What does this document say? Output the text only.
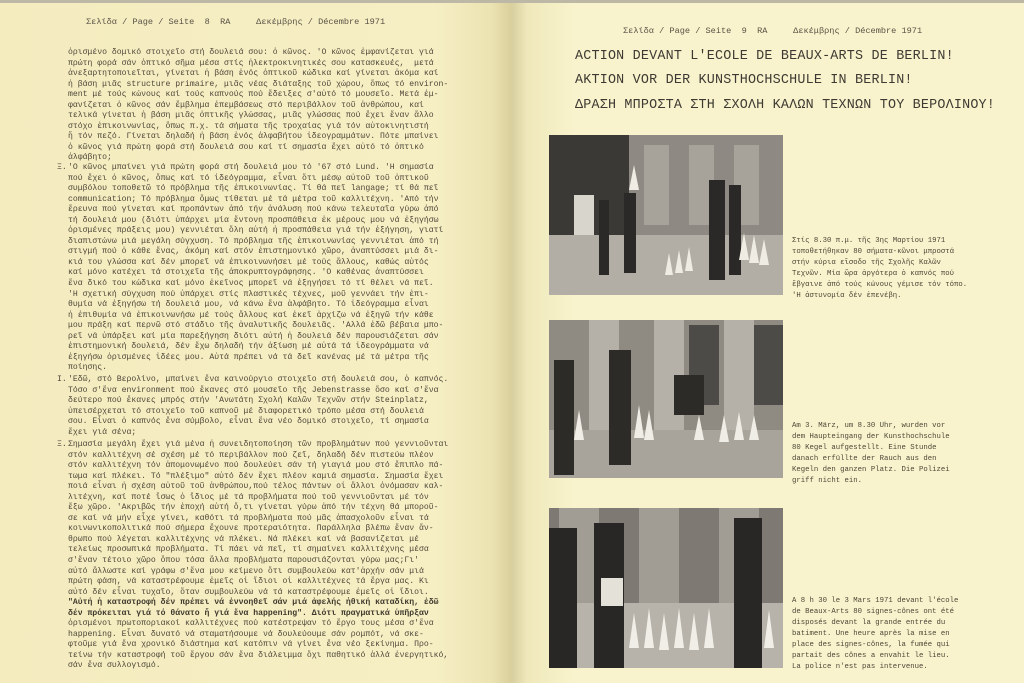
Σελίδα / Page / Seite  8  RA     Δεκέμβρης / Décembre 1971
ὁρισμένο δομικό στοιχεῖο στή δουλειά σου: ὁ κῶνος. 'Ο κῶνος ἐμφανίζεται γιά
πρώτη φορά σάν ὀπτικό σῆμα μέσα στίς ἠλεκτροκινητικές σου κατασκευές,  μετά
ἀνεξαρτητοποιεῖται, γίνεται ἡ βάση ἑνός ὀπτικοῦ κώδικα καί γίνεται ἀκόμα καί
ἡ βάση μιᾶς structure primaire, μιᾶς νέας διάταξης τοῦ χώρου, ὅπως τό environ-
ment μέ τούς κώνους καί τούς καπνούς πού ἔδειξες σ'αὐτό τό μουσεῖο. Μετά ἐμ-
φανίζεται ὁ κῶνος σάν ἔμβλημα ἐπεμβάσεως στό περιβάλλον τοῦ ἀνθρώπου, καί
τελικά γίνεται ἡ βάση μιᾶς ὀπτικῆς γλώσσας, μιᾶς γλώσσας πού ἔχει ἕναν ἄλλο
στόχο ἐπικοινωνίας, ὅπως π.χ. τά σήματα τῆς τροχαίας γιά τόν αὐτοκινητιστή
ἤ τόν πεζό. Γίνεται δηλαδή ἡ βάση ἑνός ἀλφαβήτου ἰδεογραμμάτων. Πότε μπαίνει
ὁ κῶνος γιά πρώτη φορά στή δουλειά σου καί τί σημασία ἔχει αὐτό τό ὀπτικό
ἀλφάβητο;
Ξ. 'Ο κῶνος μπαίνει γιά πρώτη φορά στή δουλειά μου τό '67 στό Lund. 'Η σημασία
πού ἔχει ὁ κῶνος, ὅπως καί τό ἰδεόγραμμα, εἶναι ὅτι μέσῳ αὐτοῦ τοῦ ὀπτικοῦ
συμβόλου τοποθετῶ τό πρόβλημα τῆς ἐπικοινωνίας. Τί θά πεῖ langage; τί θά πεῖ
communication; Τό πρόβλημα ὅμως τίθεται μέ τά μέτρα τοῦ καλλιτέχνη. 'Από τήν
ἔρευνα πού γίνεται καί προπάντων ἀπό τήν ἀνάλυση πού κάνω τελευταῖα γύρω ἀπό
τή δουλειά μου (διότι ὑπάρχει μία ἔντονη προσπάθεια ἐκ μέρους μου νά ἐξηγήσω
ὁρισμένες πράξεις μου) γεννιέται ὅλη αὐτή ἡ προσπάθεια γιά τήν ἐξήγηση, γιατί
διαπιστώνω μιά μεγάλη σύγχυση. Τό πρόβλημα τῆς ἐπικοινωνίας γεννιέται ἀπό τή
στιγμή πού ὁ κάθε ἕνας, ἀκόμη καί στόν ἐπιστημονικό χῶρο, ἀναπτύσσει μιά δι-
κιά του γλώσσα καί δέν μπορεῖ νά ἐπικοινωνήσει μέ τούς ἄλλους, καθώς αὐτός
καί μόνο κατέχει τά στοιχεῖα τῆς ἀποκρυπτογράφησης. 'Ο καθένας ἀναπτύσσει
ἕνα δικό του κώδικα καί μόνο ἐκεῖνος μπορεῖ νά ἐξηγήσει τό τί θέλει νά πεῖ.
'Η σχετική σύγχυση πού ὑπάρχει στίς πλαστικές τέχνες, μοῦ γεννάει τήν ἐπι-
θυμία νά ἐξηγήσω τή δουλειά μου, νά κάνω ἕνα ἀλφάβητο. Τό ἰδεόγραμμα εἶναι
ἡ ἐπιθυμία νά ἐπικοινωνήσω μέ τούς ἄλλους καί ἐκεῖ ἀρχίζω νά ἐξηγῶ τήν κάθε
μου πράξη καί περνῶ στό στάδιο τῆς ἀναλυτικῆς δουλειᾶς. 'Αλλά ἐδῶ βέβαια μπο-
ρεῖ νά ὑπάρξει καί μία παρεξήγηση διότι αὐτή ἡ δουλειά δέν παρουσιάζεται σάν
ἐπιστημονική δουλειά, δέν ἔχω δηλαδή τήν ἀξίωση μέ αὐτά τά ἰδεογράμματα νά
ἐξηγήσω ὁρισμένες ἰδέες μου. Αὐτά πρέπει νά τά δεῖ κανένας μέ τά μέτρα τῆς
ποίησης.
I. 'Εδῶ, στό Βερολίνο, μπαίνει ἕνα καινούργιο στοιχεῖο στή δουλειά σου, ὁ καπνός.
Τόσο σ'ἕνα environment πού ἔκανες στό μουσεῖο τῆς Jebenstrasse ὅσο καί σ'ἕνα
δεύτερο πού ἔκανες μπρός στήν 'Ανωτάτη Σχολή Καλῶν Τεχνῶν στήν Steinplatz,
ὑπεισέρχεται τό στοιχεῖο τοῦ καπνοῦ μέ διαφορετικό τρόπο μέσα στή δουλειά
σου. Εἶναι ὁ καπνός ἕνα σύμβολο, εἶναι ἕνα νέο δομικό στοιχεῖο, τί σημασία
ἔχει γιά σένα;
Ξ. Σημασία μεγάλη ἔχει γιά μένα ἡ συνειδητοποίηση τῶν προβλημάτων πού γεννιοῦνται
στόν καλλιτέχνη σέ σχέση μέ τό περιβάλλον πού ζεῖ, δηλαδή δέν πιστεύω πλέον
στόν καλλιτέχνη τόν ἀπομονωμένο πού δουλεύει σάν τή γιαγιά μου στό ἔπιπλο πά-
τωμα καί πλέκει. Τό "πλέξιμο" αὐτό δέν ἔχει πλέον καμιά σημασία. Σημασία ἔχει
ποιά εἶναι ἡ σχέση αὐτοῦ τοῦ ἀνθρώπου,πού τέλος πάντων οἱ ἄλλοι ὀνόμασαν καλ-
λιτέχνη, καί ποτέ ἴσως ὁ ἴδιος μέ τά προβλήματα πού τοῦ γεννιοῦνται μέ τόν
ἔξω χῶρο. 'Ακριβῶς τήν ἐποχή αὐτή ὅ,τι γίνεται γύρω ἀπό τήν τέχνη θά μποροῦ-
σε καί νά μήν εἶχε γίνει, καθότι τά προβλήματα πού μᾶς ἀπασχολοῦν εἶναι τά
κοινωνικοπολιτικά πού σήμερα ἔχουνε προτεραιότητα. Παράλληλα βλέπω ἕναν ἄν-
θρωπο πού λέγεται καλλιτέχνης νά πλέκει. Νά πλέκει καί νά βασανίζεται μέ
τελείως προσωπικά προβλήματα. Τί πάει νά πεῖ, τί σημαίνει καλλιτέχνης μέσα
σ'ἕναν τέτοιο χῶρο ὅπου τόσα ἄλλα προβλήματα παρουσιάζονται γύρω μας;Γι'
αὐτό ἄλλωστε καί γράφω σ'ἕνα μου κείμενο ὅτι συμβουλεύω κατ'ἀρχήν σάν μιά
πρώτη φάση, νά καταστρέφουμε ἐμεῖς οἱ ἴδιοι οἱ καλλιτέχνες τά ἔργα μας. Κι
αὐτό δέν εἶναι τυχαῖο, ὅταν συμβουλεύω νά τά καταστρέφουμε ἐμεῖς οἱ ἴδιοι.
"Αὐτή ἡ καταστροφή δέν πρέπει νά ἐννοηθεῖ σάν μιά ἀφελής ἠθική καταδίκη, ἐδῶ
δέν πρόκειται γιά τό θάνατο ἤ γιά ἕνα happening". Διότι πραγματικά ὑπῆρξαν
ὁρισμένοι πρωτοποριακοί καλλιτέχνες πού κατέστρεψαν τό ἔργο τους μέσα σ'ἕνα
happening. Εἶναι δυνατό νά σταματήσουμε νά δουλεύουμε σάν ρομπότ, νά σκε-
φτοῦμε γιά ἕνα χρονικό διάστημα καί κατόπιν νά γίνει ἕνα νέο ξεκίνημα. Προ-
τείνω τήν καταστροφή τοῦ ἔργου σάν ἕνα διάλειμμα ὄχι παθητικό ἀλλά ἐνεργητικό,
σάν ἕνα συλλογισμό.
Σελίδα / Page / Seite  9  RA     Δεκέμβρης / Décembre 1971
ACTION DEVANT L'ECOLE DE BEAUX-ARTS DE BERLIN!
AKTION VOR DER KUNSTHOCHSCHULE IN BERLIN!
ΔΡΑΣΗ ΜΠΡΟΣΤΑ ΣΤΗ ΣΧΟΛΗ ΚΑΛΩΝ ΤΕΧΝΩΝ ΤΟΥ ΒΕΡΟΛΙΝΟΥ!
Στίς 8.30 π.μ. τῆς 3ης Μαρτίου 1971
τοποθετήθηκαν 80 σήματα-κῶνοι μπροστά
στήν κύρια εἴσοδο τῆς Σχολῆς Καλῶν
Τεχνῶν. Μία ὥρα ἀργότερα ὁ καπνός πού
ἔβγαινε ἀπό τούς κώνους γέμισε τόν τόπο.
'Η ἀστυνομία δέν ἐπενέβη.
Am 3. März, um 8.30 Uhr, wurden vor
dem Haupteingang der Kunsthochschule
80 Kegel aufgestellt. Eine Stunde
danach erfüllte der Rauch aus den
Kegeln den ganzen Platz. Die Polizei
griff nicht ein.
A 8 h 30 le 3 Mars 1971 devant l'école
de Beaux-Arts 80 signes-cônes ont été
disposés devant la grande entrée du
batiment. Une heure après la mise en
place des signes-cônes, la fumée qui
partait des cônes a envahit le lieu.
La police n'est pas intervenue.
